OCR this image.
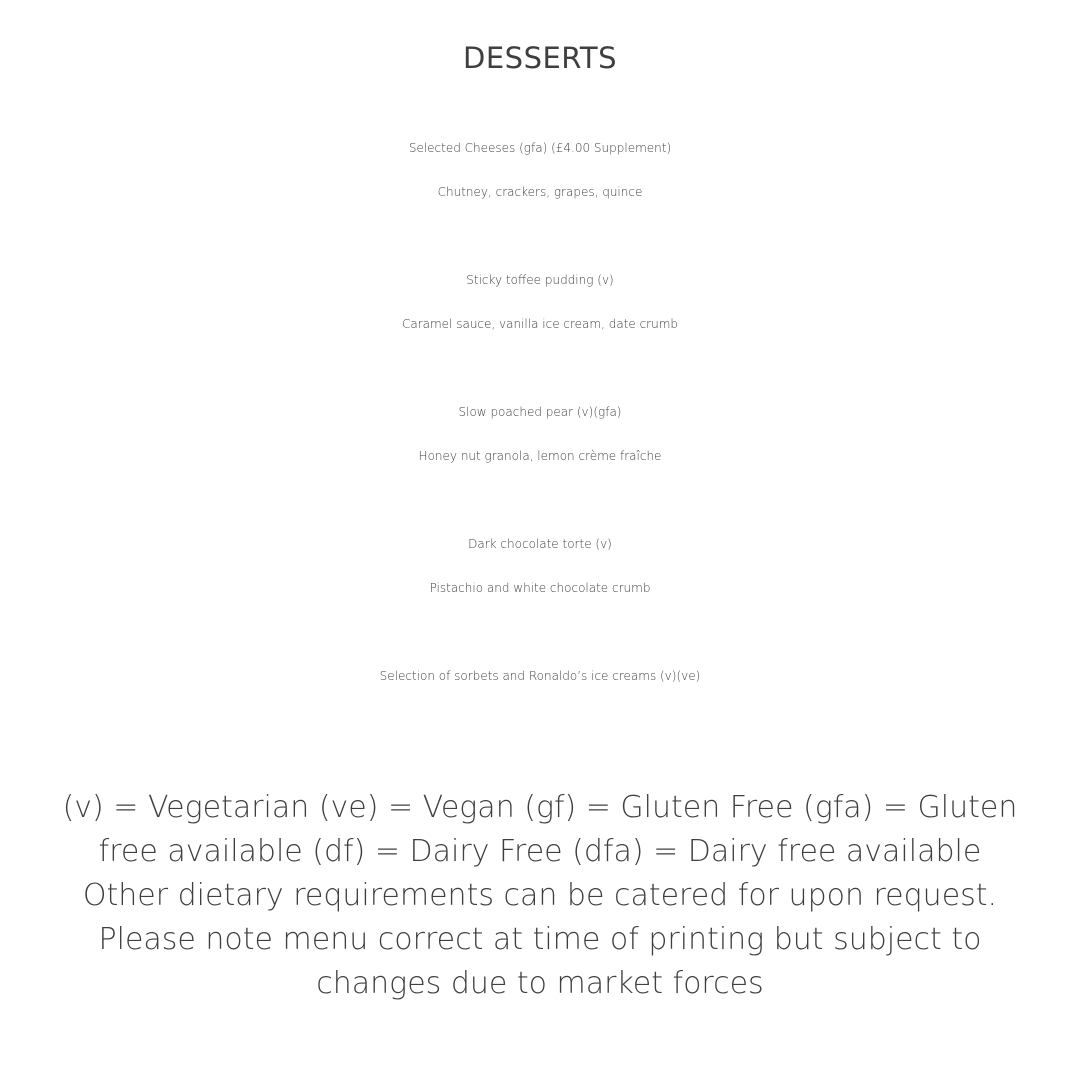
DESSERTS
Selected Cheeses (gfa) (£4.00 Supplement)
Chutney, crackers, grapes, quince
Sticky toffee pudding (v)
Caramel sauce, vanilla ice cream, date crumb
Slow poached pear (v)(gfa)
Honey nut granola, lemon crème fraîche
Dark chocolate torte (v)
Pistachio and white chocolate crumb
Selection of sorbets and Ronaldo’s ice creams (v)(ve)
(v) = Vegetarian (ve) = Vegan (gf) = Gluten Free (gfa) = Gluten
free available (df) = Dairy Free (dfa) = Dairy free available
Other dietary requirements can be catered for upon request.
Please note menu correct at time of printing but subject to
changes due to market forces
